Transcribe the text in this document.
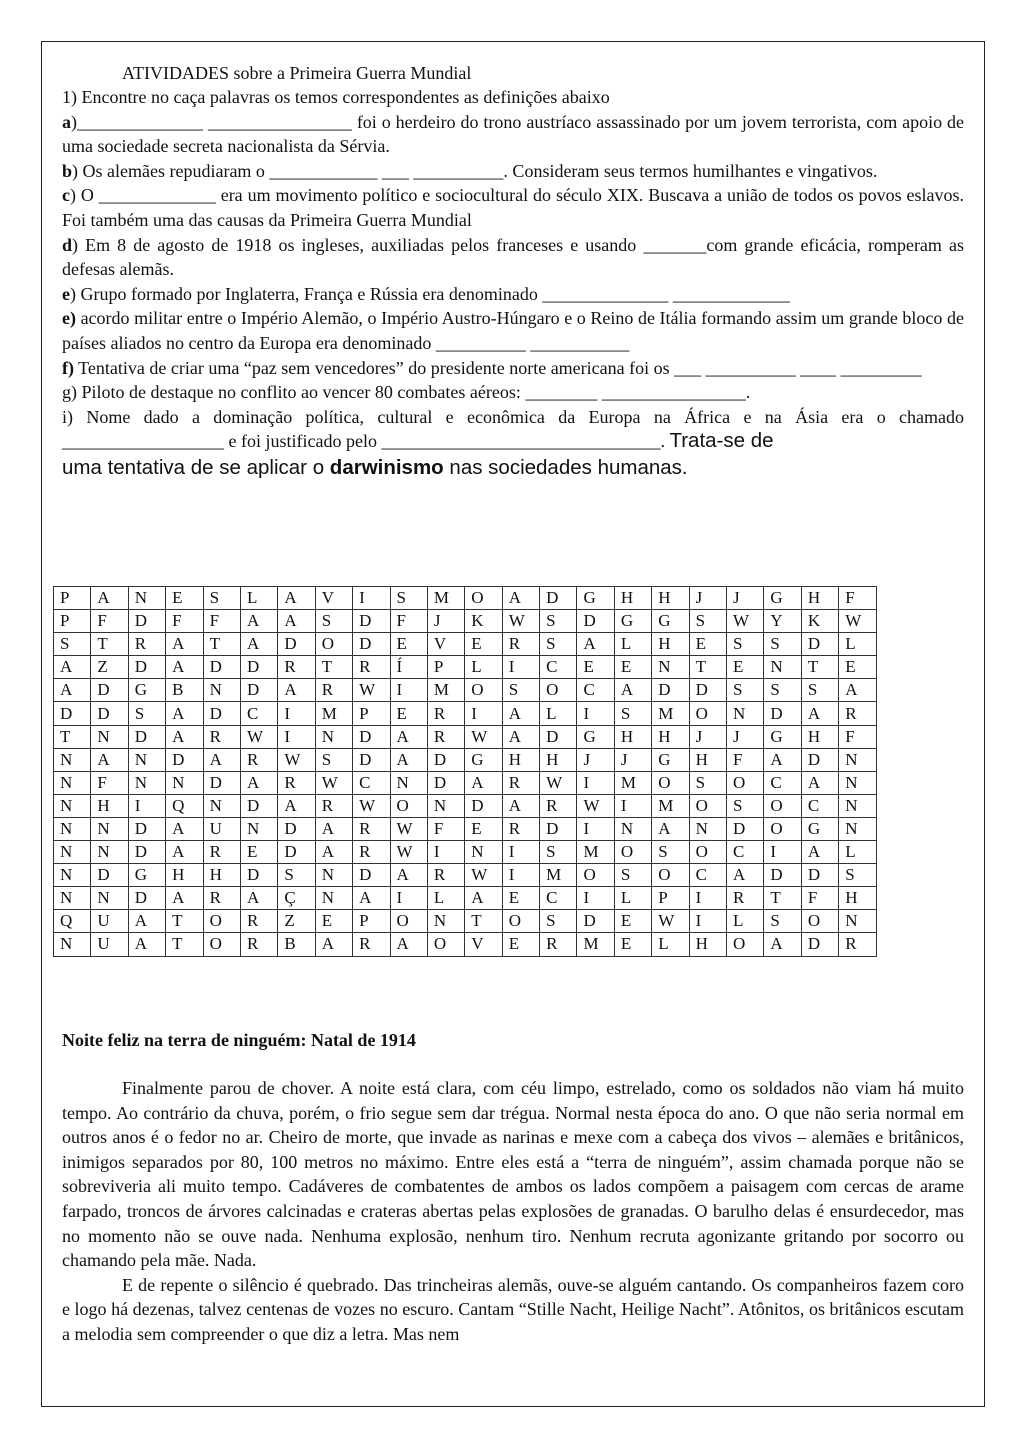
ATIVIDADES sobre a Primeira Guerra Mundial

1) Encontre no caça palavras os temos correspondentes as definições abaixo

a)______________ ________________ foi o herdeiro do trono austríaco assassinado por um jovem terrorista, com apoio de uma sociedade secreta nacionalista da Sérvia.

b) Os alemães repudiaram o ____________ ___ __________. Consideram seus termos humilhantes e vingativos.

c) O _____________ era um movimento político e sociocultural do século XIX. Buscava a união de todos os povos eslavos. Foi também uma das causas da Primeira Guerra Mundial

d) Em 8 de agosto de 1918 os ingleses, auxiliadas pelos franceses e usando _______com grande eficácia, romperam as defesas alemãs.

e) Grupo formado por Inglaterra, França e Rússia era denominado ______________ _____________

e) acordo militar entre o Império Alemão, o Império Austro-Húngaro e o Reino de Itália formando assim um grande bloco de países aliados no centro da Europa era denominado __________ ___________

f) Tentativa de criar uma “paz sem vencedores” do presidente norte americana foi os ___ __________ ____ _________

g) Piloto de destaque no conflito ao vencer 80 combates aéreos: ________ ________________.

i) Nome dado a dominação política, cultural e econômica da Europa na África e na Ásia era o chamado __________________ e foi justificado pelo _______________________________. Trata-se de

uma tentativa de se aplicar o darwinismo nas sociedades humanas.

P	A	N	E	S	L	A	V	I	S	M	O	A	D	G	H	H	J	J	G	H	F
P	F	D	F	F	A	A	S	D	F	J	K	W	S	D	G	G	S	W	Y	K	W
S	T	R	A	T	A	D	O	D	E	V	E	R	S	A	L	H	E	S	S	D	L
A	Z	D	A	D	D	R	T	R	Í	P	L	I	C	E	E	N	T	E	N	T	E
A	D	G	B	N	D	A	R	W	I	M	O	S	O	C	A	D	D	S	S	S	A
D	D	S	A	D	C	I	M	P	E	R	I	A	L	I	S	M	O	N	D	A	R
T	N	D	A	R	W	I	N	D	A	R	W	A	D	G	H	H	J	J	G	H	F
N	A	N	D	A	R	W	S	D	A	D	G	H	H	J	J	G	H	F	A	D	N
N	F	N	N	D	A	R	W	C	N	D	A	R	W	I	M	O	S	O	C	A	N
N	H	I	Q	N	D	A	R	W	O	N	D	A	R	W	I	M	O	S	O	C	N
N	N	D	A	U	N	D	A	R	W	F	E	R	D	I	N	A	N	D	O	G	N
N	N	D	A	R	E	D	A	R	W	I	N	I	S	M	O	S	O	C	I	A	L
N	D	G	H	H	D	S	N	D	A	R	W	I	M	O	S	O	C	A	D	D	S
N	N	D	A	R	A	Ç	N	A	I	L	A	E	C	I	L	P	I	R	T	F	H
Q	U	A	T	O	R	Z	E	P	O	N	T	O	S	D	E	W	I	L	S	O	N
N	U	A	T	O	R	B	A	R	A	O	V	E	R	M	E	L	H	O	A	D	R
Noite feliz na terra de ninguém: Natal de 1914

Finalmente parou de chover. A noite está clara, com céu limpo, estrelado, como os soldados não viam há muito tempo. Ao contrário da chuva, porém, o frio segue sem dar trégua. Normal nesta época do ano. O que não seria normal em outros anos é o fedor no ar. Cheiro de morte, que invade as narinas e mexe com a cabeça dos vivos – alemães e britânicos, inimigos separados por 80, 100 metros no máximo. Entre eles está a “terra de ninguém”, assim chamada porque não se sobreviveria ali muito tempo. Cadáveres de combatentes de ambos os lados compõem a paisagem com cercas de arame farpado, troncos de árvores calcinadas e crateras abertas pelas explosões de granadas. O barulho delas é ensurdecedor, mas no momento não se ouve nada. Nenhuma explosão, nenhum tiro. Nenhum recruta agonizante gritando por socorro ou chamando pela mãe. Nada.

E de repente o silêncio é quebrado. Das trincheiras alemãs, ouve-se alguém cantando. Os companheiros fazem coro e logo há dezenas, talvez centenas de vozes no escuro. Cantam “Stille Nacht, Heilige Nacht”. Atônitos, os britânicos escutam a melodia sem compreender o que diz a letra. Mas nem
